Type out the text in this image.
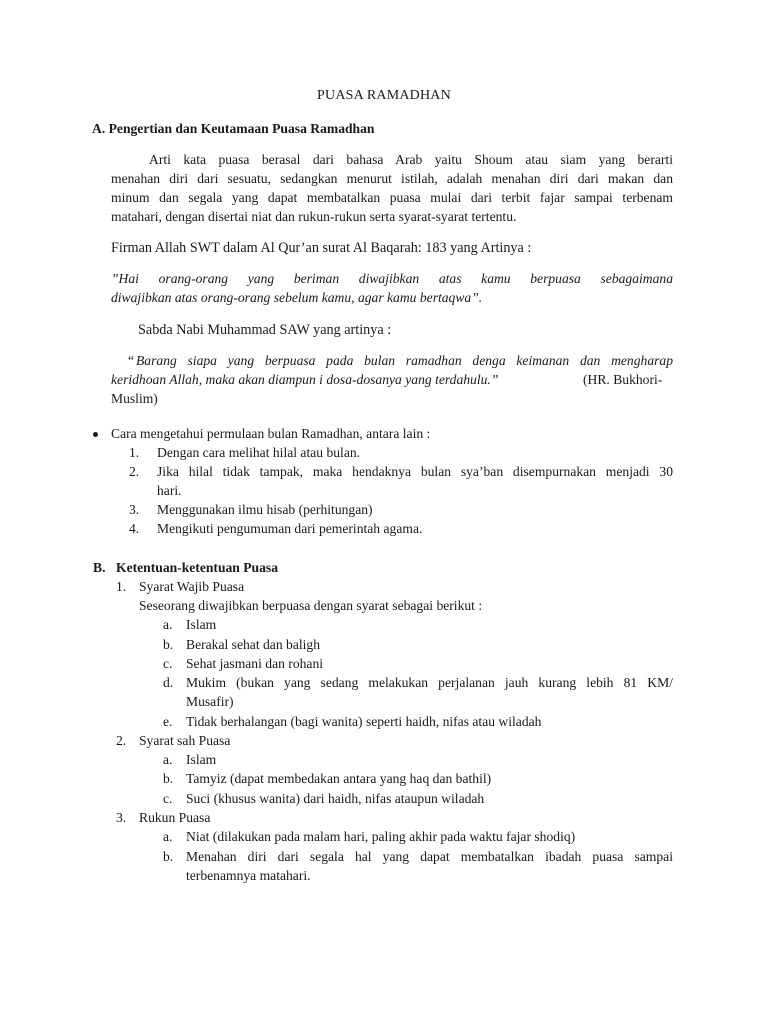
PUASA RAMADHAN
A. Pengertian dan Keutamaan Puasa Ramadhan
Arti kata puasa berasal dari bahasa Arab yaitu Shoum atau siam yang berarti
menahan diri dari sesuatu, sedangkan menurut istilah, adalah menahan diri dari makan dan
minum dan segala yang dapat membatalkan puasa mulai dari terbit fajar sampai terbenam
matahari, dengan disertai niat dan rukun-rukun serta syarat-syarat tertentu.
Firman Allah SWT dalam Al Qur’an surat Al Baqarah: 183 yang Artinya :
”Hai orang-orang yang beriman diwajibkan atas kamu berpuasa sebagaimana
diwajibkan atas orang-orang sebelum kamu, agar kamu bertaqwa”.
Sabda Nabi Muhammad SAW yang artinya :
“ Barang siapa yang berpuasa pada bulan ramadhan denga keimanan dan mengharap
keridhoan Allah, maka akan diampun i dosa-dosanya yang terdahulu.”	(HR. Bukhori-
Muslim)
Cara mengetahui permulaan bulan Ramadhan, antara lain :
1. Dengan cara melihat hilal atau bulan.
2. Jika hilal tidak tampak, maka hendaknya bulan sya’ban disempurnakan menjadi 30
hari.
3. Menggunakan ilmu hisab (perhitungan)
4. Mengikuti pengumuman dari pemerintah agama.
B. Ketentuan-ketentuan Puasa
1. Syarat Wajib Puasa
Seseorang diwajibkan berpuasa dengan syarat sebagai berikut :
a. Islam
b. Berakal sehat dan baligh
c. Sehat jasmani dan rohani
d. Mukim (bukan yang sedang melakukan perjalanan jauh kurang lebih 81 KM/
Musafir)
e. Tidak berhalangan (bagi wanita) seperti haidh, nifas atau wiladah
2. Syarat sah Puasa
a. Islam
b. Tamyiz (dapat membedakan antara yang haq dan bathil)
c. Suci (khusus wanita) dari haidh, nifas ataupun wiladah
3. Rukun Puasa
a. Niat (dilakukan pada malam hari, paling akhir pada waktu fajar shodiq)
b. Menahan diri dari segala hal yang dapat membatalkan ibadah puasa sampai
terbenamnya matahari.
